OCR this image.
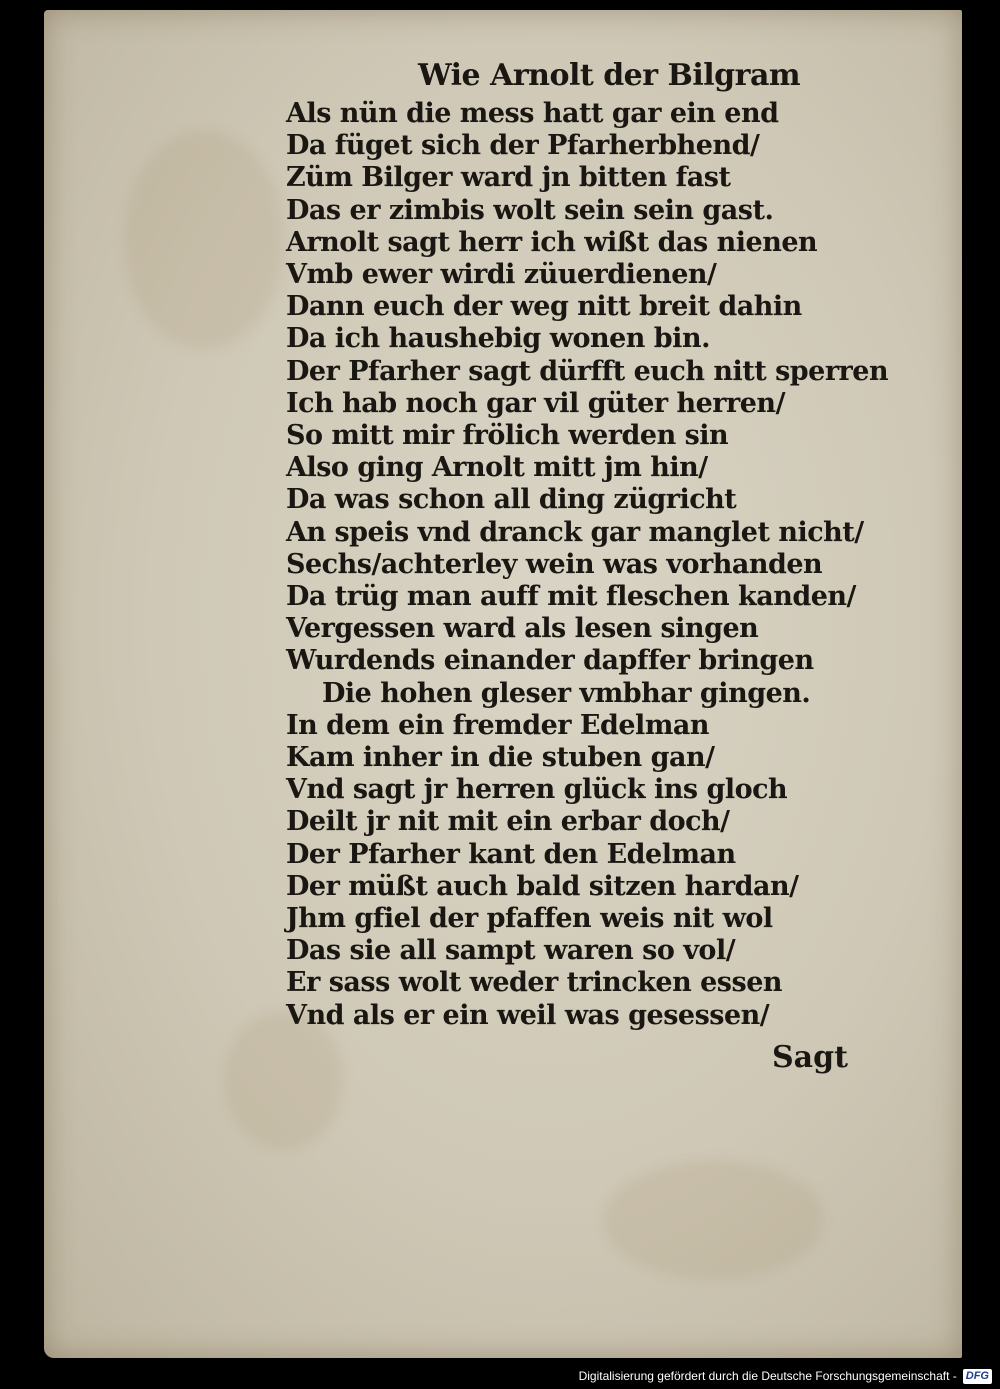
Wie Arnolt der Bilgram
Als nün die mess hatt gar ein end
Da füget sich der Pfarherbhend/
Züm Bilger ward jn bitten fast
Das er zimbis wolt sein sein gast.
Arnolt sagt herr ich wißt das nienen
Vmb ewer wirdi züuerdienen/
Dann euch der weg nitt breit dahin
Da ich haushebig wonen bin.
Der Pfarher sagt dürfft euch nitt sperren
Ich hab noch gar vil güter herren/
So mitt mir frölich werden sin
Also ging Arnolt mitt jm hin/
Da was schon all ding zügricht
An speis vnd dranck gar manglet nicht/
Sechs/achterley wein was vorhanden
Da trüg man auff mit fleschen kanden/
Vergessen ward als lesen singen
Wurdends einander dapffer bringen
Die hohen gleser vmbhar gingen.
In dem ein fremder Edelman
Kam inher in die stuben gan/
Vnd sagt jr herren glück ins gloch
Deilt jr nit mit ein erbar doch/
Der Pfarher kant den Edelman
Der müßt auch bald sitzen hardan/
Jhm gfiel der pfaffen weis nit wol
Das sie all sampt waren so vol/
Er sass wolt weder trincken essen
Vnd als er ein weil was gesessen/
Sagt
Digitalisierung gefördert durch die Deutsche Forschungsgemeinschaft - DFG
